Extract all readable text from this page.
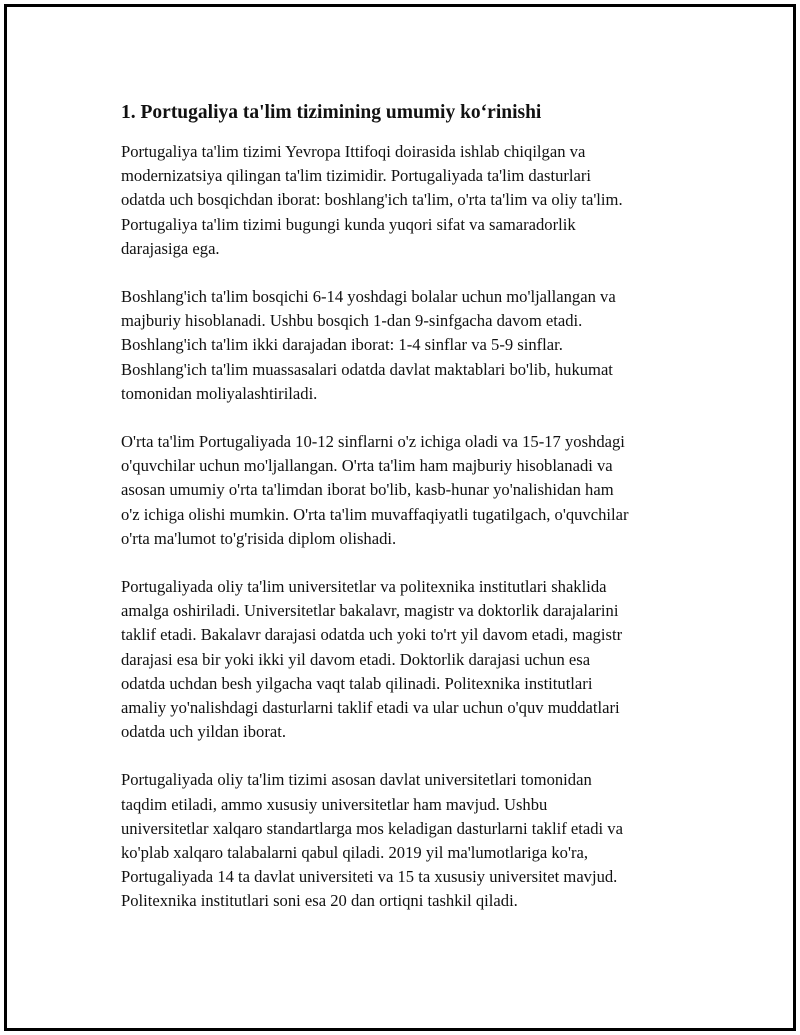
1. Portugaliya ta'lim tizimining umumiy ko‘rinishi

Portugaliya ta'lim tizimi Yevropa Ittifoqi doirasida ishlab chiqilgan va
modernizatsiya qilingan ta'lim tizimidir. Portugaliyada ta'lim dasturlari
odatda uch bosqichdan iborat: boshlang'ich ta'lim, o'rta ta'lim va oliy ta'lim.
Portugaliya ta'lim tizimi bugungi kunda yuqori sifat va samaradorlik
darajasiga ega.

Boshlang'ich ta'lim bosqichi 6-14 yoshdagi bolalar uchun mo'ljallangan va
majburiy hisoblanadi. Ushbu bosqich 1-dan 9-sinfgacha davom etadi.
Boshlang'ich ta'lim ikki darajadan iborat: 1-4 sinflar va 5-9 sinflar.
Boshlang'ich ta'lim muassasalari odatda davlat maktablari bo'lib, hukumat
tomonidan moliyalashtiriladi.

O'rta ta'lim Portugaliyada 10-12 sinflarni o'z ichiga oladi va 15-17 yoshdagi
o'quvchilar uchun mo'ljallangan. O'rta ta'lim ham majburiy hisoblanadi va
asosan umumiy o'rta ta'limdan iborat bo'lib, kasb-hunar yo'nalishidan ham
o'z ichiga olishi mumkin. O'rta ta'lim muvaffaqiyatli tugatilgach, o'quvchilar
o'rta ma'lumot to'g'risida diplom olishadi.

Portugaliyada oliy ta'lim universitetlar va politexnika institutlari shaklida
amalga oshiriladi. Universitetlar bakalavr, magistr va doktorlik darajalarini
taklif etadi. Bakalavr darajasi odatda uch yoki to'rt yil davom etadi, magistr
darajasi esa bir yoki ikki yil davom etadi. Doktorlik darajasi uchun esa
odatda uchdan besh yilgacha vaqt talab qilinadi. Politexnika institutlari
amaliy yo'nalishdagi dasturlarni taklif etadi va ular uchun o'quv muddatlari
odatda uch yildan iborat.

Portugaliyada oliy ta'lim tizimi asosan davlat universitetlari tomonidan
taqdim etiladi, ammo xususiy universitetlar ham mavjud. Ushbu
universitetlar xalqaro standartlarga mos keladigan dasturlarni taklif etadi va
ko'plab xalqaro talabalarni qabul qiladi. 2019 yil ma'lumotlariga ko'ra,
Portugaliyada 14 ta davlat universiteti va 15 ta xususiy universitet mavjud.
Politexnika institutlari soni esa 20 dan ortiqni tashkil qiladi.
